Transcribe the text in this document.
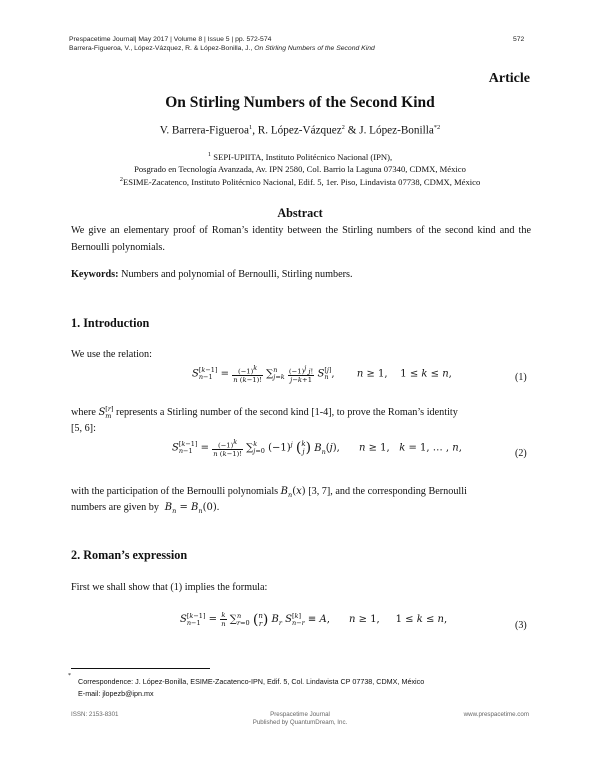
Prespacetime Journal| May 2017 | Volume 8 | Issue 5 | pp. 572-574
Barrera-Figueroa, V., López-Vázquez, R. & López-Bonilla, J., On Stirling Numbers of the Second Kind
572
Article
On Stirling Numbers of the Second Kind
V. Barrera-Figueroa$^1$, R. López-Vázquez$^2$ & J. López-Bonilla$^{*2}$
$^1$ SEPI-UPIITA, Instituto Politécnico Nacional (IPN),
Posgrado en Tecnología Avanzada, Av. IPN 2580, Col. Barrio la Laguna 07340, CDMX, México
$^2$ESIME-Zacatenco, Instituto Politécnico Nacional, Edif. 5, 1er. Piso, Lindavista 07738, CDMX, México
Abstract
We give an elementary proof of Roman’s identity between the Stirling numbers of the second kind and the Bernoulli polynomials.
Keywords: Numbers and polynomial of Bernoulli, Stirling numbers.
1. Introduction
We use the relation:
S [k−1]
$n-1 = \frac{(-1)^k}{n (k-1)!}$ ∑ n
j=k
$\frac{(-1)^j j!}{j-k+1}$ S [j]
n ,       n ≥ 1,    1 ≤ k ≤ n,	(1)
where S [r]
m represents a Stirling number of the second kind [1-4], to prove the Roman’s identity
[5, 6]:
S [k−1]
$n-1 = \frac{(-1)^k}{n (k-1)!}$ ∑ k
j=0 $(-1)^j$ (k
j) $B_n(j)$,      n ≥ 1,   k = 1, … , n,	(2)
with the participation of the Bernoulli polynomials $B_n(x)$ [3, 7], and the corresponding Bernoulli
numbers are given by  $B_n = B_n(0)$.
2. Roman’s expression
First we shall show that (1) implies the formula:
S [k−1]
$n-1 = \frac{k}{n}$ ∑ n
r=0 (n
r) $B_r$ S [k]
n−r ≡ A,      n ≥ 1,     1 ≤ k ≤ n,
(3)
*
Correspondence: J. López-Bonilla, ESIME-Zacatenco-IPN, Edif. 5, Col. Lindavista CP 07738, CDMX, México
E-mail: jlopezb@ipn.mx
ISSN: 2153-8301	Prespacetime Journal
Published by QuantumDream, Inc.
www.prespacetime.com
